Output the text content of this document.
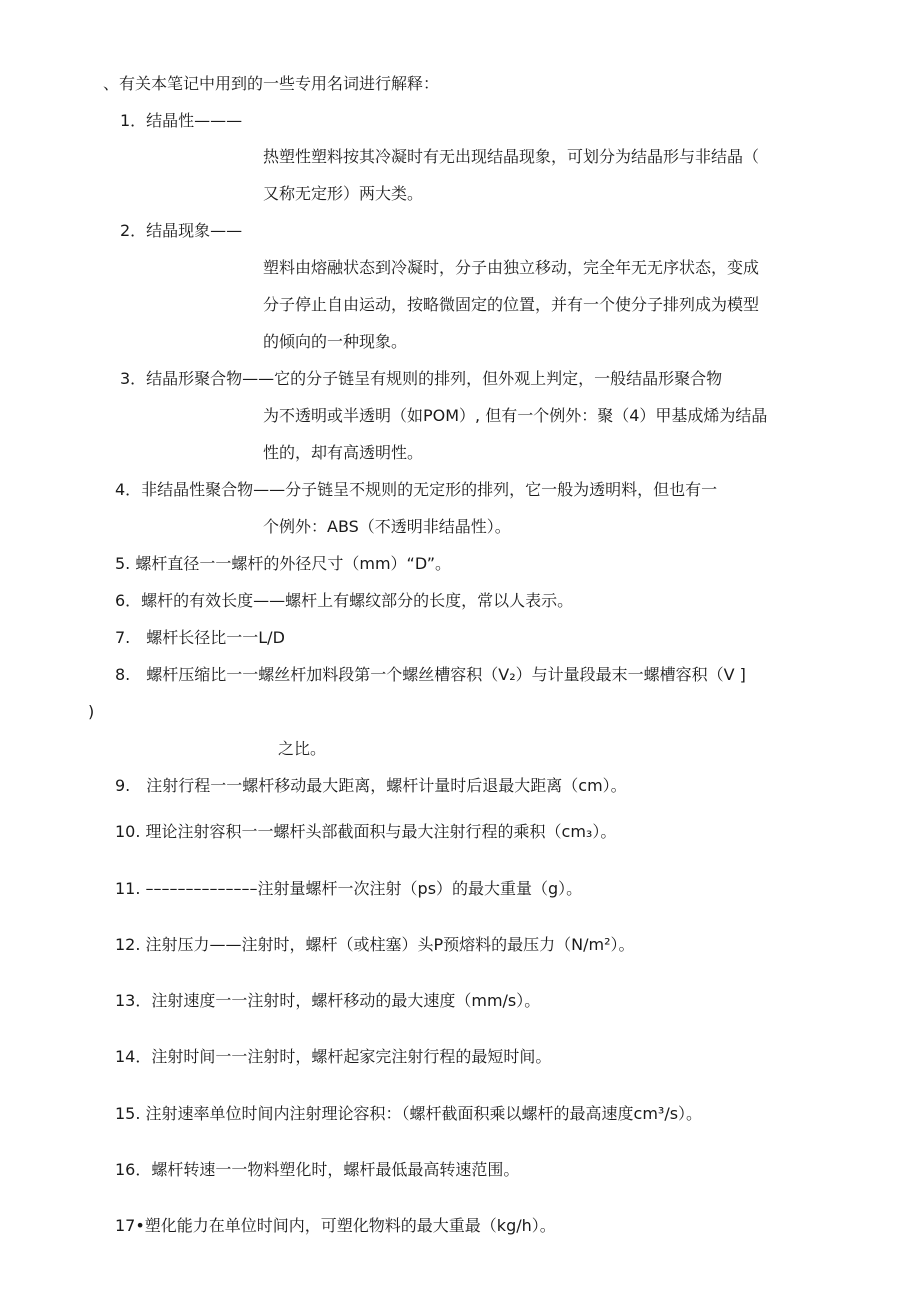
、有关本笔记中用到的一些专用名词进行解释：
1．结晶性———
热塑性塑料按其冷凝时有无出现结晶现象，可划分为结晶形与非结晶（
又称无定形）两大类。
2．结晶现象——
塑料由熔融状态到冷凝时，分子由独立移动，完全年无无序状态，变成
分子停止自由运动，按略微固定的位置，并有一个使分子排列成为模型
的倾向的一种现象。
3．结晶形聚合物——它的分子链呈有规则的排列，但外观上判定，一般结晶形聚合物
为不透明或半透明（如POM）, 但有一个例外：聚（4）甲基成烯为结晶
性的，却有高透明性。
4．非结晶性聚合物——分子链呈不规则的无定形的排列，它一般为透明料，但也有一
个例外：ABS（不透明非结晶性）。
5. 螺杆直径一一螺杆的外径尺寸（mm）“D”。
6．螺杆的有效长度——螺杆上有螺纹部分的长度，常以人表示。
7.　螺杆长径比一一L/D
8.　螺杆压缩比一一螺丝杆加料段第一个螺丝槽容积（V₂）与计量段最末一螺槽容积（V ]
)
之比。
9.　注射行程一一螺杆移动最大距离，螺杆计量时后退最大距离（cm）。
10. 理论注射容积一一螺杆头部截面积与最大注射行程的乘积（cm₃）。
11. ––––––––––––––注射量螺杆一次注射（ps）的最大重量（g）。
12. 注射压力——注射时，螺杆（或柱塞）头P预熔料的最压力（N/m²）。
13．注射速度一一注射时，螺杆移动的最大速度（mm/s）。
14．注射时间一一注射时，螺杆起家完注射行程的最短时间。
15. 注射速率单位时间内注射理论容积：（螺杆截面积乘以螺杆的最高速度cm³/s）。
16．螺杆转速一一物料塑化时，螺杆最低最高转速范围。
17•塑化能力在单位时间内，可塑化物料的最大重最（kg/h）。
